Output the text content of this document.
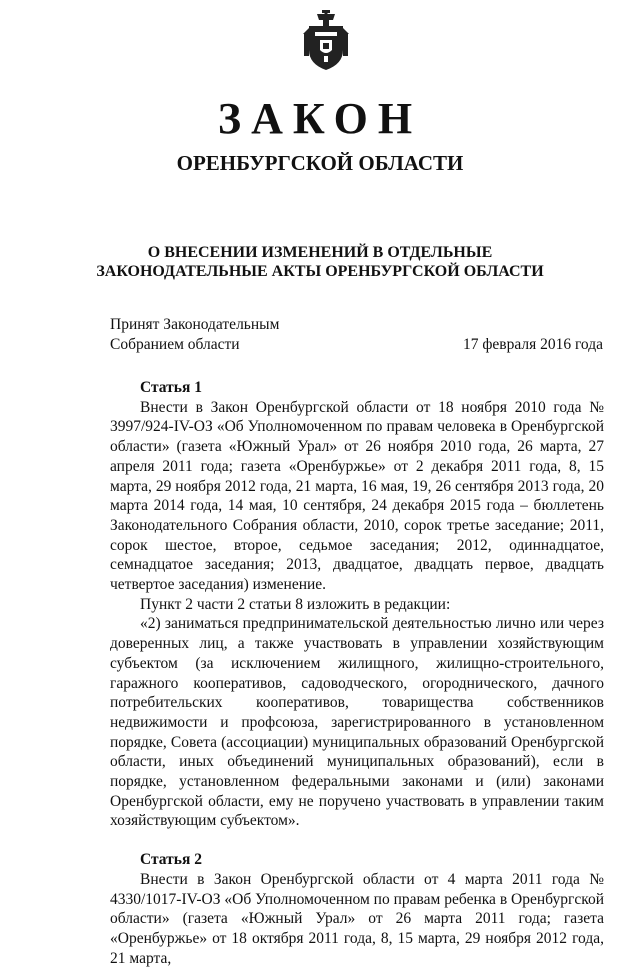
ЗАКОН
ОРЕНБУРГСКОЙ ОБЛАСТИ
О ВНЕСЕНИИ ИЗМЕНЕНИЙ В ОТДЕЛЬНЫЕ
ЗАКОНОДАТЕЛЬНЫЕ АКТЫ ОРЕНБУРГСКОЙ ОБЛАСТИ
Принят Законодательным
Собранием области	17 февраля 2016 года
Статья 1

Внести в Закон Оренбургской области от 18 ноября 2010 года № 3997/924-IV-ОЗ «Об Уполномоченном по правам человека в Оренбургской области» (газета «Южный Урал» от 26 ноября 2010 года, 26 марта, 27 апреля 2011 года; газета «Оренбуржье» от 2 декабря 2011 года, 8, 15 марта, 29 ноября 2012 года, 21 марта, 16 мая, 19, 26 сентября 2013 года, 20 марта 2014 года, 14 мая, 10 сентября, 24 декабря 2015 года – бюллетень Законодательного Собрания области, 2010, сорок третье заседание; 2011, сорок шестое, второе, седьмое заседания; 2012, одиннадцатое, семнадцатое заседания; 2013, двадцатое, двадцать первое, двадцать четвертое заседания) изменение.

Пункт 2 части 2 статьи 8 изложить в редакции:

«2) заниматься предпринимательской деятельностью лично или через доверенных лиц, а также участвовать в управлении хозяйствующим субъектом (за исключением жилищного, жилищно-строительного, гаражного кооперативов, садоводческого, огороднического, дачного потребительских кооперативов, товарищества собственников недвижимости и профсоюза, зарегистрированного в установленном порядке, Совета (ассоциации) муниципальных образований Оренбургской области, иных объединений муниципальных образований), если в порядке, установленном федеральными законами и (или) законами Оренбургской области, ему не поручено участвовать в управлении таким хозяйствующим субъектом».

Статья 2

Внести в Закон Оренбургской области от 4 марта 2011 года № 4330/1017-IV-ОЗ «Об Уполномоченном по правам ребенка в Оренбургской области» (газета «Южный Урал» от 26 марта 2011 года; газета «Оренбуржье» от 18 октября 2011 года, 8, 15 марта, 29 ноября 2012 года, 21 марта,
